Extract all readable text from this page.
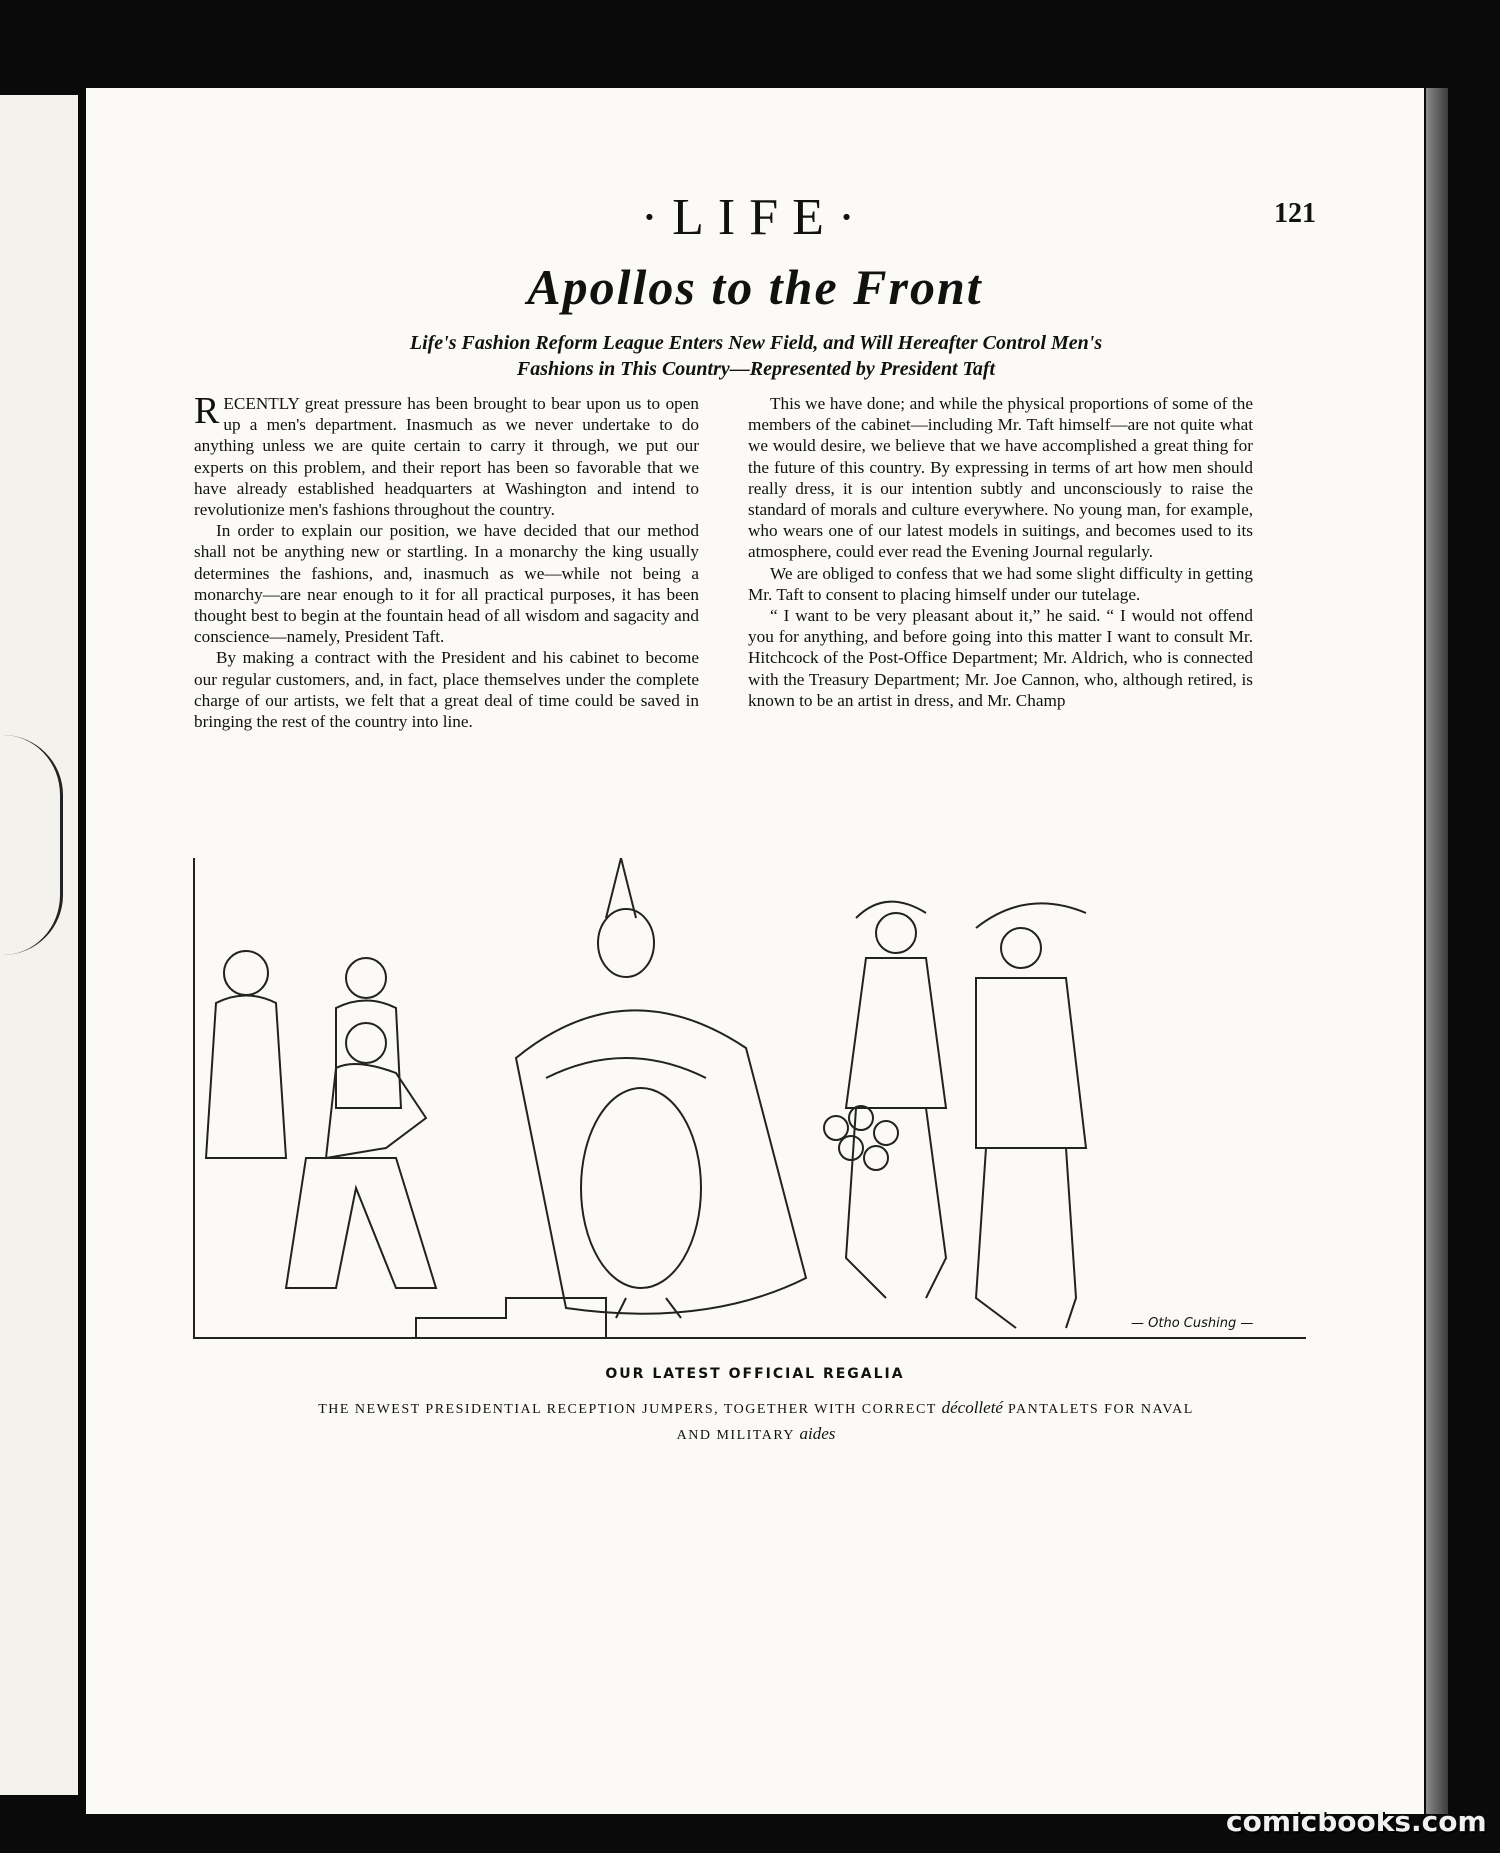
·LIFE·	121
Apollos to the Front
Life's Fashion Reform League Enters New Field, and Will Hereafter Control Men's
Fashions in This Country—Represented by President Taft

RECENTLY great pressure has been brought to bear upon us to open up a men's department. Inasmuch as we never undertake to do anything unless we are quite certain to carry it through, we put our experts on this problem, and their report has been so favorable that we have already established headquarters at Washington and intend to revolutionize men's fashions throughout the country.

In order to explain our position, we have decided that our method shall not be anything new or startling. In a monarchy the king usually determines the fashions, and, inasmuch as we—while not being a monarchy—are near enough to it for all practical purposes, it has been thought best to begin at the fountain head of all wisdom and sagacity and conscience—namely, President Taft.

By making a contract with the President and his cabinet to become our regular customers, and, in fact, place themselves under the complete charge of our artists, we felt that a great deal of time could be saved in bringing the rest of the country into line.

This we have done; and while the physical proportions of some of the members of the cabinet—including Mr. Taft himself—are not quite what we would desire, we believe that we have accomplished a great thing for the future of this country. By expressing in terms of art how men should really dress, it is our intention subtly and unconsciously to raise the standard of morals and culture everywhere. No young man, for example, who wears one of our latest models in suitings, and becomes used to its atmosphere, could ever read the Evening Journal regularly.

We are obliged to confess that we had some slight difficulty in getting Mr. Taft to consent to placing himself under our tutelage.

“ I want to be very pleasant about it,” he said. “ I would not offend you for anything, and before going into this matter I want to consult Mr. Hitchcock of the Post-Office Department; Mr. Aldrich, who is connected with the Treasury Department; Mr. Joe Cannon, who, although retired, is known to be an artist in dress, and Mr. Champ

— Otho Cushing —
OUR LATEST OFFICIAL REGALIA
THE NEWEST PRESIDENTIAL RECEPTION JUMPERS, TOGETHER WITH CORRECT décolleté PANTALETS FOR NAVAL
AND MILITARY aides
comicbooks.com
